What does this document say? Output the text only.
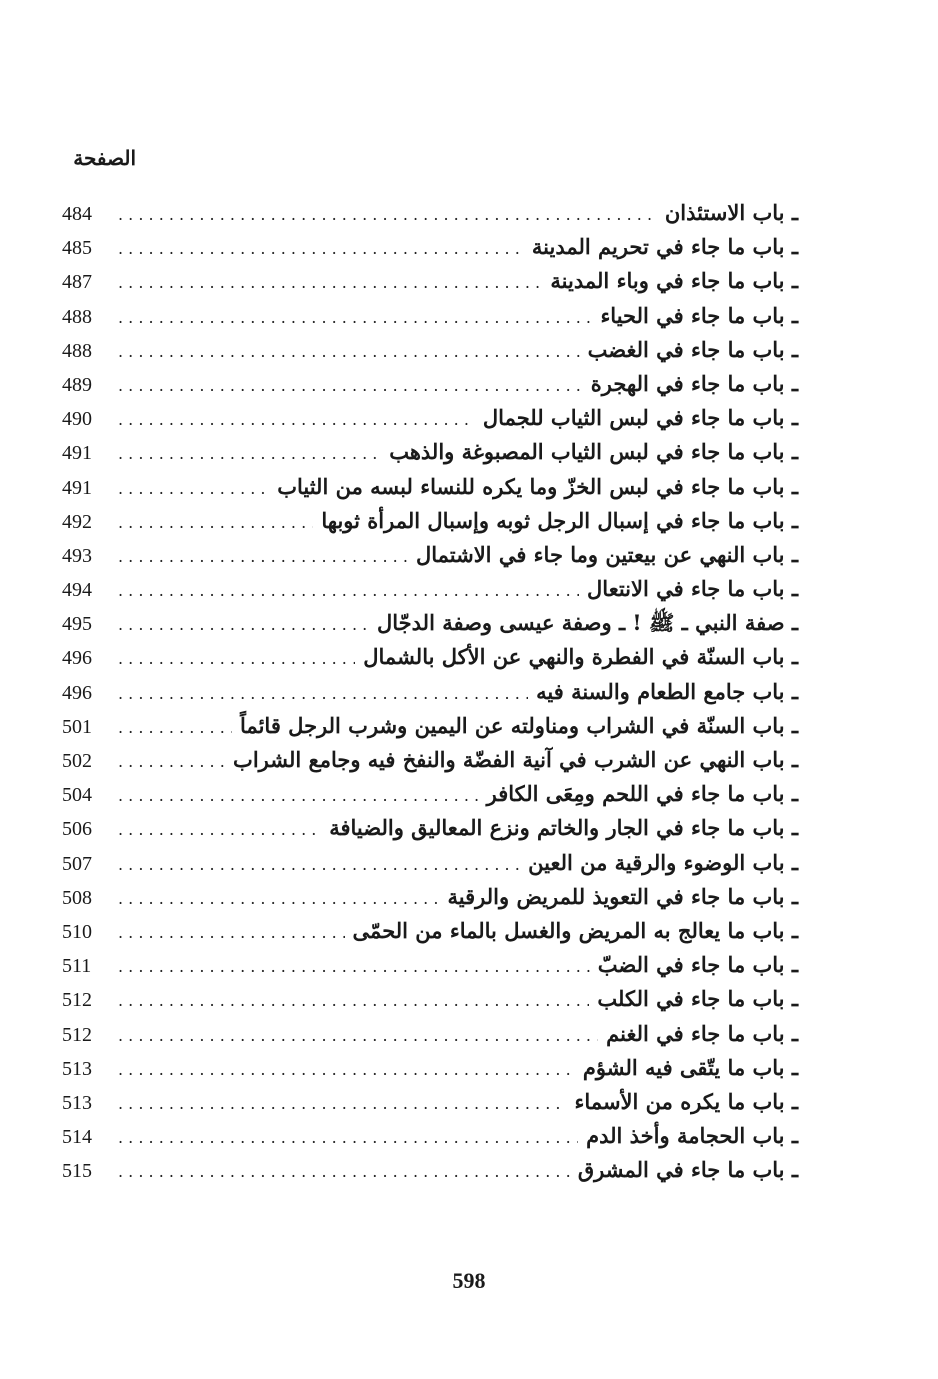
الصفحة
ـ باب الاستئذان
. . .
484
ـ باب ما جاء في تحريم المدينة
. . .
485
ـ باب ما جاء في وباء المدينة
. . .
487
ـ باب ما جاء في الحياء
. . .
488
ـ باب ما جاء في الغضب
. . .
488
ـ باب ما جاء في الهجرة
. . .
489
ـ باب ما جاء في لبس الثياب للجمال
. . .
490
ـ باب ما جاء في لبس الثياب المصبوغة والذهب
. . .
491
ـ باب ما جاء في لبس الخزّ وما يكره للنساء لبسه من الثياب
. . .
491
ـ باب ما جاء في إسبال الرجل ثوبه وإسبال المرأة ثوبها
. . .
492
ـ باب النهي عن بيعتين وما جاء في الاشتمال
. . .
493
ـ باب ما جاء في الانتعال
. . .
494
ـ صفة النبي ـ ﷺ ! ـ وصفة عيسى وصفة الدجّال
. . .
495
ـ باب السنّة في الفطرة والنهي عن الأكل بالشمال
. . .
496
ـ باب جامع الطعام والسنة فيه
. . .
496
ـ باب السنّة في الشراب ومناولته عن اليمين وشرب الرجل قائماً
. . .
501
ـ باب النهي عن الشرب في آنية الفضّة والنفخ فيه وجامع الشراب
. . .
502
ـ باب ما جاء في اللحم ومِعَى الكافر
. . .
504
ـ باب ما جاء في الجار والخاتم ونزع المعاليق والضيافة
. . .
506
ـ باب الوضوء والرقية من العين
. . .
507
ـ باب ما جاء في التعويذ للمريض والرقية
. . .
508
ـ باب ما يعالج به المريض والغسل بالماء من الحمّى
. . .
510
ـ باب ما جاء في الضبّ
. . .
511
ـ باب ما جاء في الكلب
. . .
512
ـ باب ما جاء في الغنم
. . .
512
ـ باب ما يتّقى فيه الشؤم
. . .
513
ـ باب ما يكره من الأسماء
. . .
513
ـ باب الحجامة وأخذ الدم
. . .
514
ـ باب ما جاء في المشرق
. . .
515
598
